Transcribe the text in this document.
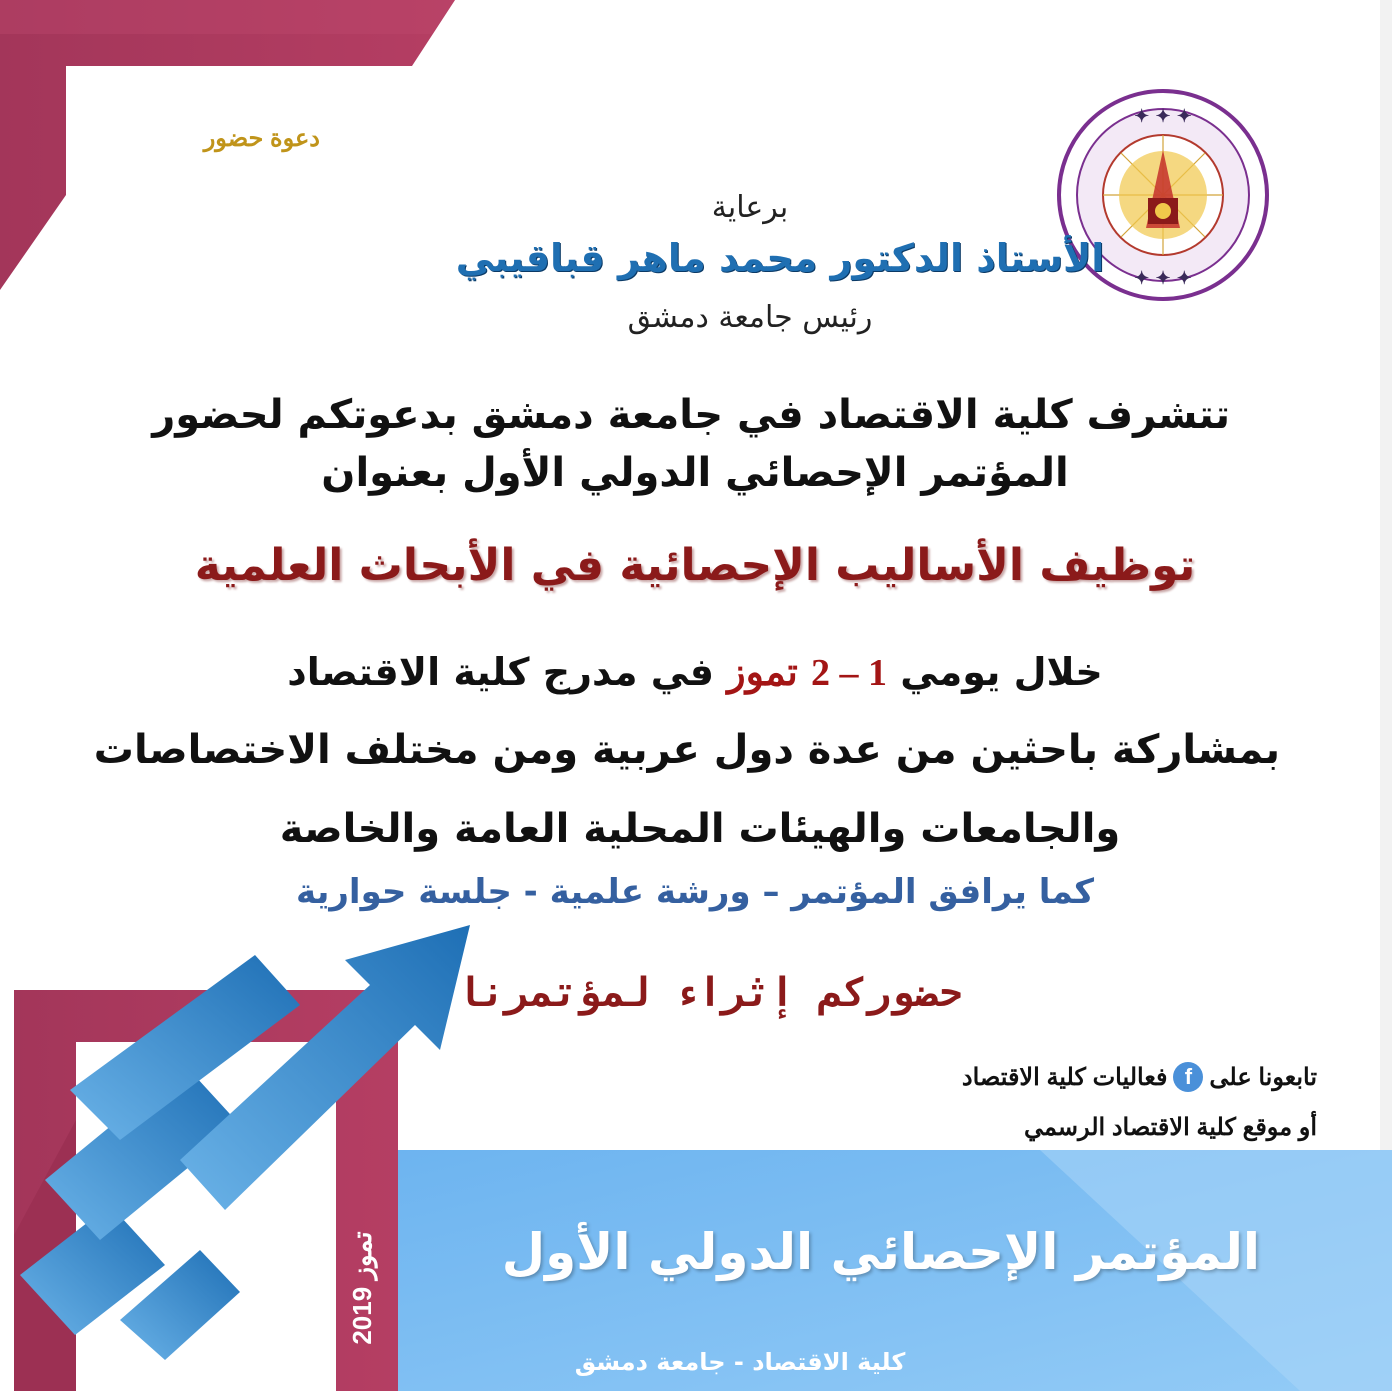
✦ ✦ ✦
✦ ✦ ✦
دعوة حضور
برعاية
الأستاذ الدكتور محمد ماهر قباقيبي
رئيس جامعة دمشق
تتشرف كلية الاقتصاد في جامعة دمشق بدعوتكم لحضور
المؤتمر الإحصائي الدولي الأول بعنوان
توظيف الأساليب الإحصائية في الأبحاث العلمية
خلال يومي 1 – 2 تموز في مدرج كلية الاقتصاد
بمشاركة باحثين من عدة دول عربية ومن مختلف الاختصاصات
والجامعات والهيئات المحلية العامة والخاصة
كما يرافق المؤتمر – ورشة علمية - جلسة حوارية
حضوركم إثراء لمؤتمرنا
تابعونا على
f
فعاليات كلية الاقتصاد
أو موقع كلية الاقتصاد الرسمي
المؤتمر الإحصائي الدولي الأول
كلية الاقتصاد - جامعة دمشق
تموز 2019
